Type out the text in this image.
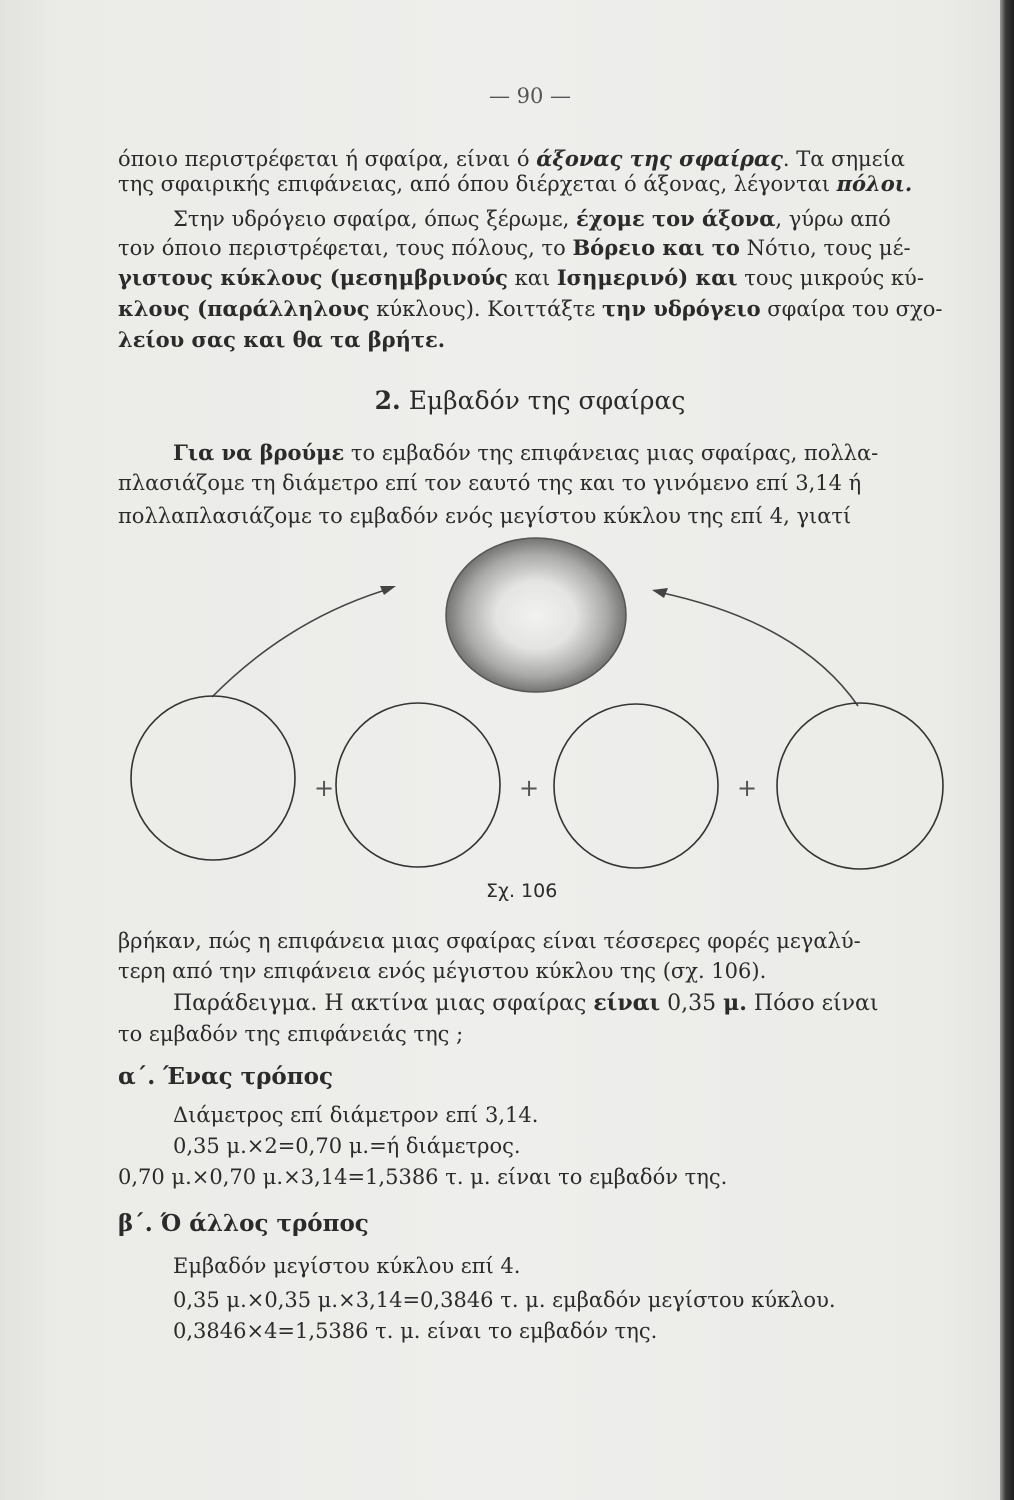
— 90 —
όποιο περιστρέφεται ή σφαίρα, είναι ό άξονας της σφαίρας. Τα σημεία
της σφαιρικής επιφάνειας, από όπου διέρχεται ό άξονας, λέγονται πόλοι.
Στην υδρόγειο σφαίρα, όπως ξέρωμε, έχομε τον άξονα, γύρω από
τον όποιο περιστρέφεται, τους πόλους, το Βόρειο και το Νότιο, τους μέ-
γιστους κύκλους (μεσημβρινούς και Ισημερινό) και τους μικρούς κύ-
κλους (παράλληλους κύκλους). Κοιττάξτε την υδρόγειο σφαίρα του σχο-
λείου σας και θα τα βρήτε.
2. Εμβαδόν της σφαίρας
Για να βρούμε το εμβαδόν της επιφάνειας μιας σφαίρας, πολλα-
πλασιάζομε τη διάμετρο επί τον εαυτό της και το γινόμενο επί 3,14 ή
πολλαπλασιάζομε το εμβαδόν ενός μεγίστου κύκλου της επί 4, γιατί
+	+	+
Σχ. 106
βρήκαν, πώς η επιφάνεια μιας σφαίρας είναι τέσσερες φορές μεγαλύ-
τερη από την επιφάνεια ενός μέγιστου κύκλου της (σχ. 106).
Παράδειγμα. Η ακτίνα μιας σφαίρας είναι 0,35 μ. Πόσο είναι
το εμβαδόν της επιφάνειάς της ;
α΄. Ένας τρόπος
Διάμετρος επί διάμετρον επί 3,14.
0,35 μ.×2=0,70 μ.=ή διάμετρος.
0,70 μ.×0,70 μ.×3,14=1,5386 τ. μ. είναι το εμβαδόν της.
β΄. Ό άλλος τρόπος
Εμβαδόν μεγίστου κύκλου επί 4.
0,35 μ.×0,35 μ.×3,14=0,3846 τ. μ. εμβαδόν μεγίστου κύκλου.
0,3846×4=1,5386 τ. μ. είναι το εμβαδόν της.
